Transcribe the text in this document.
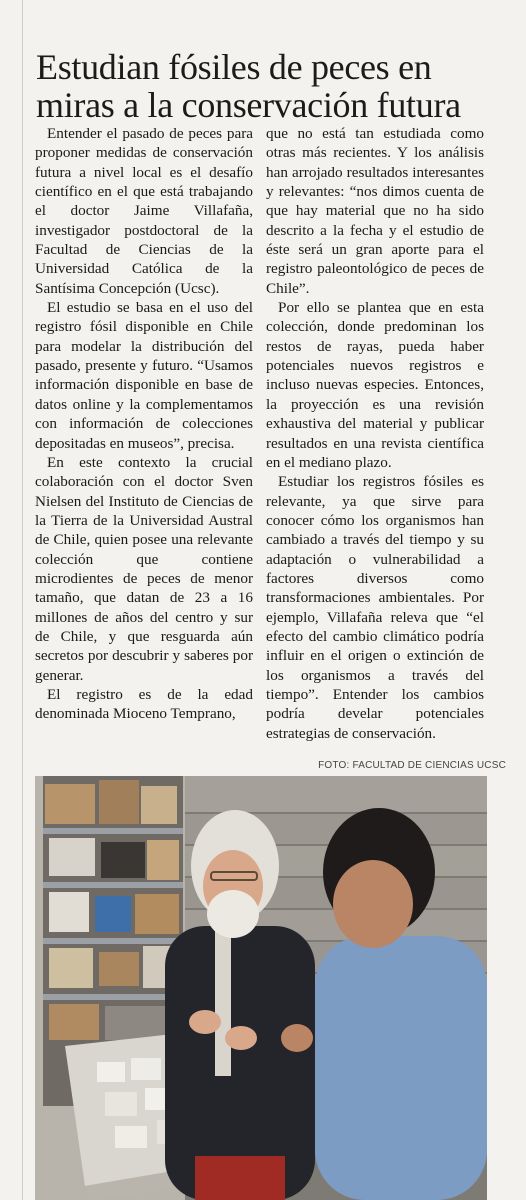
Estudian fósiles de peces en miras a la conservación futura

Entender el pasado de peces para proponer medidas de conservación futura a nivel local es el desafío científico en el que está trabajando el doctor Jaime Villafaña, investigador postdoctoral de la Facultad de Ciencias de la Universidad Católica de la Santísima Concepción (Ucsc).

El estudio se basa en el uso del registro fósil disponible en Chile para modelar la distribución del pasado, presente y futuro. “Usamos información disponible en base de datos online y la complementamos con información de colecciones depositadas en museos”, precisa.

En este contexto la crucial colaboración con el doctor Sven Nielsen del Instituto de Ciencias de la Tierra de la Universidad Austral de Chile, quien posee una relevante colección que contiene microdientes de peces de menor tamaño, que datan de 23 a 16 millones de años del centro y sur de Chile, y que resguarda aún secretos por descubrir y saberes por generar.

El registro es de la edad denominada Mioceno Temprano,

que no está tan estudiada como otras más recientes. Y los análisis han arrojado resultados interesantes y relevantes: “nos dimos cuenta de que hay material que no ha sido descrito a la fecha y el estudio de éste será un gran aporte para el registro paleontológico de peces de Chile”.

Por ello se plantea que en esta colección, donde predominan los restos de rayas, pueda haber potenciales nuevos registros e incluso nuevas especies. Entonces, la proyección es una revisión exhaustiva del material y publicar resultados en una revista científica en el mediano plazo.

Estudiar los registros fósiles es relevante, ya que sirve para conocer cómo los organismos han cambiado a través del tiempo y su adaptación o vulnerabilidad a factores diversos como transformaciones ambientales. Por ejemplo, Villafaña releva que “el efecto del cambio climático podría influir en el origen o extinción de los organismos a través del tiempo”. Entender los cambios podría develar potenciales estrategias de conservación.

FOTO: FACULTAD DE CIENCIAS UCSC
